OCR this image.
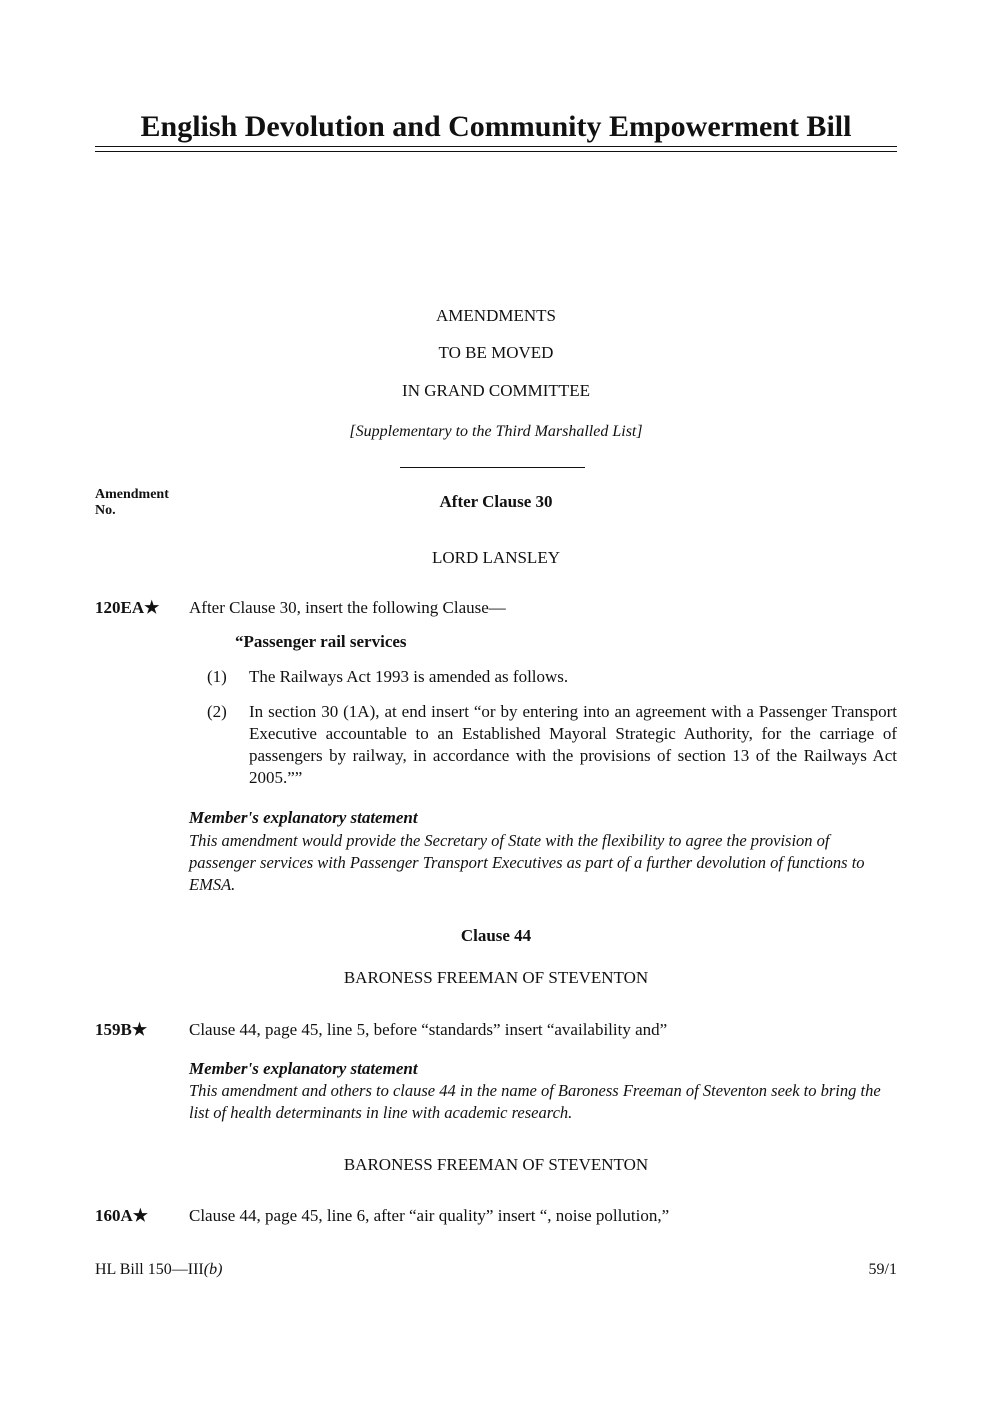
English Devolution and Community Empowerment Bill
AMENDMENTS
TO BE MOVED
IN GRAND COMMITTEE
[Supplementary to the Third Marshalled List]
Amendment
No.	After Clause 30
LORD LANSLEY
120EA★ After Clause 30, insert the following Clause—
“Passenger rail services
(1) The Railways Act 1993 is amended as follows.
(2) In section 30 (1A), at end insert “or by entering into an agreement with a Passenger Transport Executive accountable to an Established Mayoral Strategic Authority, for the carriage of passengers by railway, in accordance with the provisions of section 13 of the Railways Act 2005.””
Member's explanatory statement
This amendment would provide the Secretary of State with the flexibility to agree the provision of passenger services with Passenger Transport Executives as part of a further devolution of functions to EMSA.
Clause 44
BARONESS FREEMAN OF STEVENTON
159B★ Clause 44, page 45, line 5, before “standards” insert “availability and”
Member's explanatory statement
This amendment and others to clause 44 in the name of Baroness Freeman of Steventon seek to bring the list of health determinants in line with academic research.
BARONESS FREEMAN OF STEVENTON
160A★ Clause 44, page 45, line 6, after “air quality” insert “, noise pollution,”
HL Bill 150—III(b)	59/1
